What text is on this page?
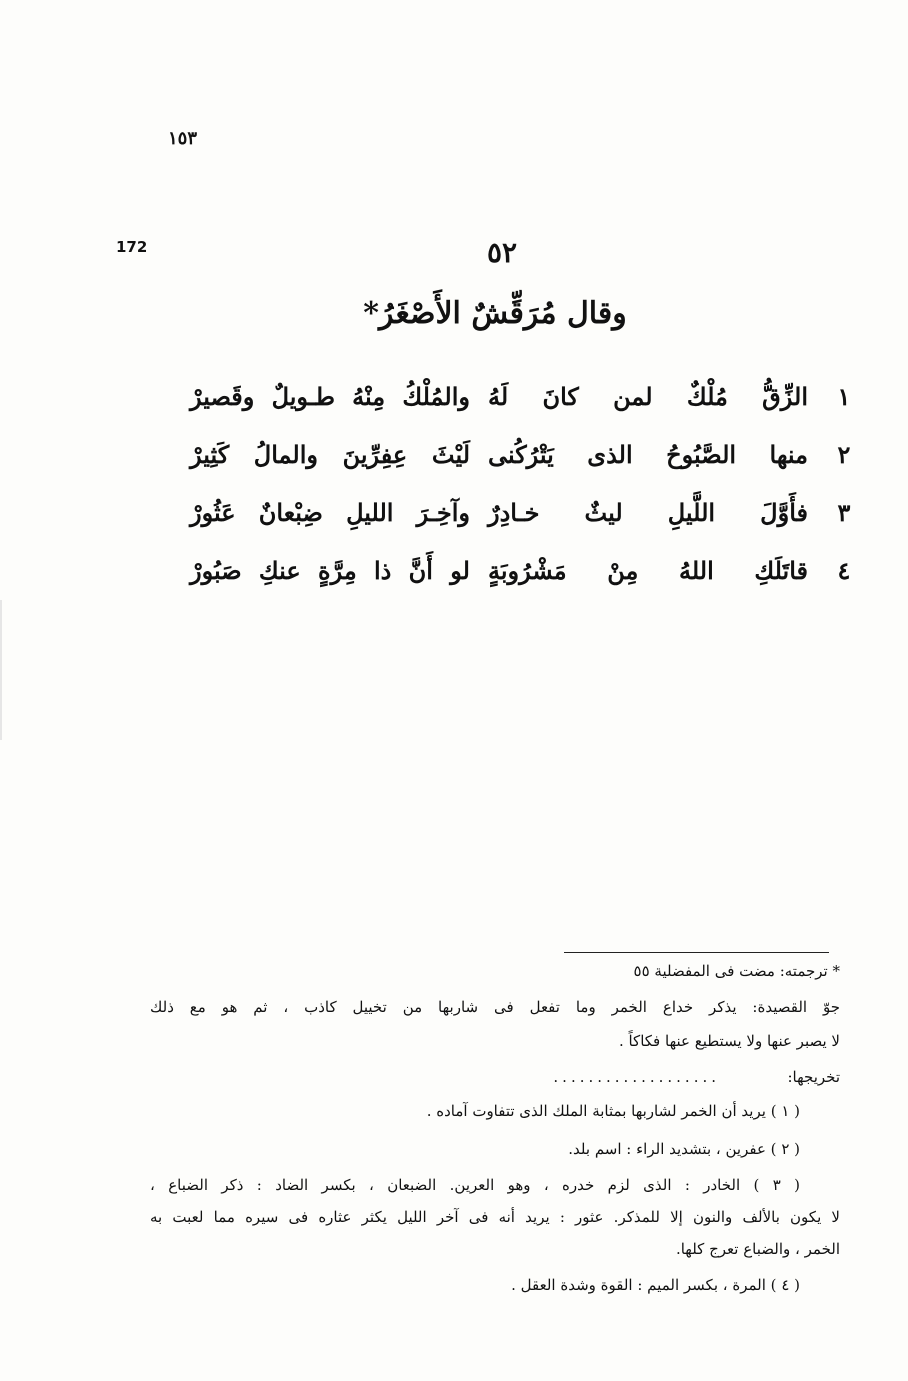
١٥٣
172	٥٢
وقال مُرَقِّشٌ الأَصْغَرُ*
١
الزِّقُّ مُلْكٌ لمن كانَ لَهُ
والمُلْكُ مِنْهُ طـويلٌ وقَصيرْ
٢
منها الصَّبُوحُ الذى يَتْرُكُنى
لَيْثَ عِفِرِّينَ والمالُ كَثِيرْ
٣
فأَوَّلَ اللَّيلِ ليثٌ خـادِرٌ
وآخِـرَ الليلِ ضِبْعانٌ عَثُورْ
٤
قاتَلَكِ اللهُ مِنْ مَشْرُوبَةٍ
لو أَنَّ ذا مِرَّةٍ عنكِ صَبُورْ
* ترجمته: مضت فى المفضلية ٥٥
جوّ القصيدة: يذكر خداع الخمر وما تفعل فى شاربها من تخييل كاذب ، ثم هو مع ذلك
لا يصبر عنها ولا يستطيع عنها فكاكاً .
تخريجها:
...................
( ١ ) يريد أن الخمر لشاربها بمثابة الملك الذى تتفاوت آماده .
( ٢ ) عفرين ، بتشديد الراء : اسم بلد.
( ٣ ) الخادر : الذى لزم خدره ، وهو العرين. الضبعان ، بكسر الضاد : ذكر الضباع ،
لا يكون بالألف والنون إلا للمذكر. عثور : يريد أنه فى آخر الليل يكثر عثاره فى سيره مما لعبت به
الخمر ، والضباع تعرج كلها.
( ٤ ) المرة ، بكسر الميم : القوة وشدة العقل .
